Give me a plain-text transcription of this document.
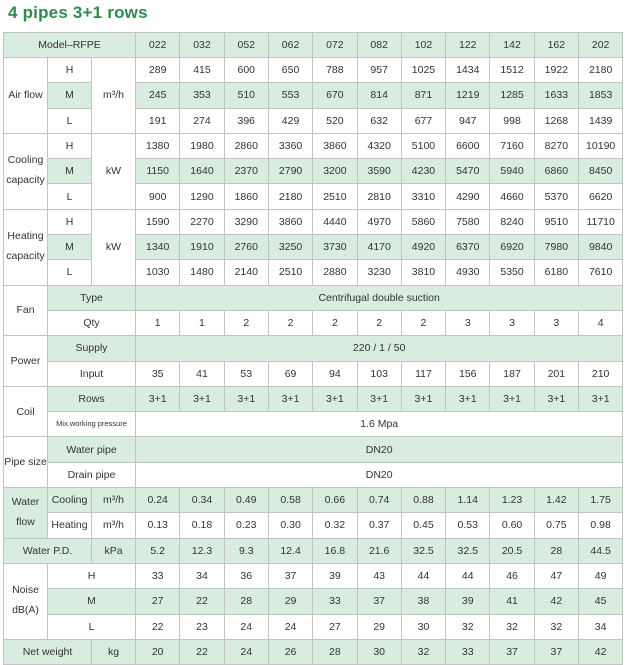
4 pipes 3+1 rows
Model–RFPE			022	032	052	062	072	082	102	122	142	162	202
Air flow	H	m³/h	289	415	600	650	788	957	1025	1434	1512	1922	2180
	M		245	353	510	553	670	814	871	1219	1285	1633	1853
	L		191	274	396	429	520	632	677	947	998	1268	1439
Cooling
capacity	H	kW	1380	1980	2860	3360	3860	4320	5100	6600	7160	8270	10190
	M		1150	1640	2370	2790	3200	3590	4230	5470	5940	6860	8450
	L		900	1290	1860	2180	2510	2810	3310	4290	4660	5370	6620
Heating
capacity	H	kW	1590	2270	3290	3860	4440	4970	5860	7580	8240	9510	11710
	M		1340	1910	2760	3250	3730	4170	4920	6370	6920	7980	9840
	L		1030	1480	2140	2510	2880	3230	3810	4930	5350	6180	7610
Fan	Type		Centrifugal double suction										
	Qty		1	1	2	2	2	2	2	3	3	3	4
Power	Supply		220 / 1 / 50										
	Input		35	41	53	69	94	103	117	156	187	201	210
Coil	Rows		3+1	3+1	3+1	3+1	3+1	3+1	3+1	3+1	3+1	3+1	3+1
	Mix.working pressure		1.6 Mpa										
Pipe size	Water pipe		DN20										
	Drain pipe		DN20										
Water
flow	Cooling	m³/h	0.24	0.34	0.49	0.58	0.66	0.74	0.88	1.14	1.23	1.42	1.75
	Heating	m³/h	0.13	0.18	0.23	0.30	0.32	0.37	0.45	0.53	0.60	0.75	0.98
Water P.D.		kPa	5.2	12.3	9.3	12.4	16.8	21.6	32.5	32.5	20.5	28	44.5
Noise
dB(A)	H		33	34	36	37	39	43	44	44	46	47	49
	M		27	22	28	29	33	37	38	39	41	42	45
	L		22	23	24	24	27	29	30	32	32	32	34
Net weight		kg	20	22	24	26	28	30	32	33	37	37	42
